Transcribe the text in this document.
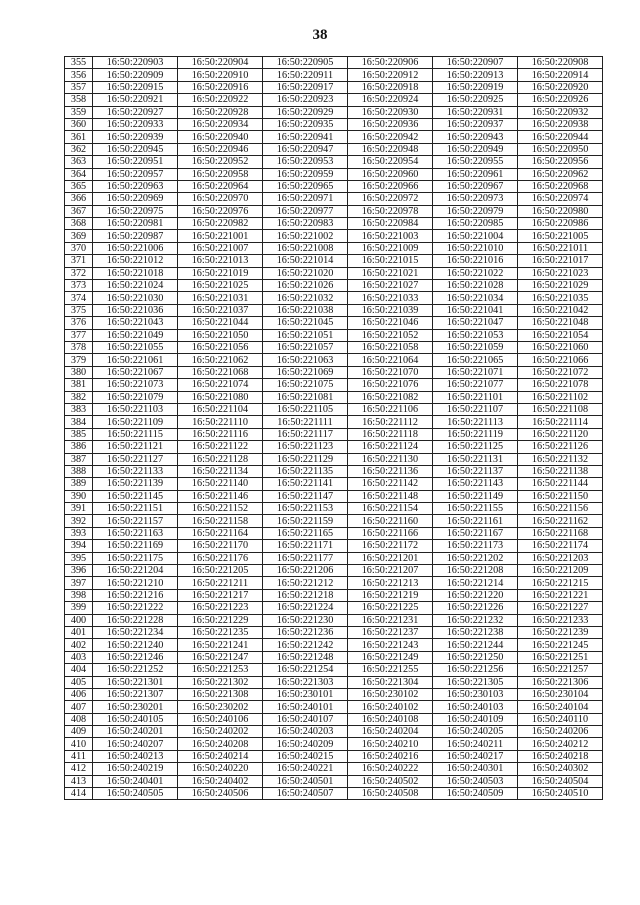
38
355	16:50:220903	16:50:220904	16:50:220905	16:50:220906	16:50:220907	16:50:220908
356	16:50:220909	16:50:220910	16:50:220911	16:50:220912	16:50:220913	16:50:220914
357	16:50:220915	16:50:220916	16:50:220917	16:50:220918	16:50:220919	16:50:220920
358	16:50:220921	16:50:220922	16:50:220923	16:50:220924	16:50:220925	16:50:220926
359	16:50:220927	16:50:220928	16:50:220929	16:50:220930	16:50:220931	16:50:220932
360	16:50:220933	16:50:220934	16:50:220935	16:50:220936	16:50:220937	16:50:220938
361	16:50:220939	16:50:220940	16:50:220941	16:50:220942	16:50:220943	16:50:220944
362	16:50:220945	16:50:220946	16:50:220947	16:50:220948	16:50:220949	16:50:220950
363	16:50:220951	16:50:220952	16:50:220953	16:50:220954	16:50:220955	16:50:220956
364	16:50:220957	16:50:220958	16:50:220959	16:50:220960	16:50:220961	16:50:220962
365	16:50:220963	16:50:220964	16:50:220965	16:50:220966	16:50:220967	16:50:220968
366	16:50:220969	16:50:220970	16:50:220971	16:50:220972	16:50:220973	16:50:220974
367	16:50:220975	16:50:220976	16:50:220977	16:50:220978	16:50:220979	16:50:220980
368	16:50:220981	16:50:220982	16:50:220983	16:50:220984	16:50:220985	16:50:220986
369	16:50:220987	16:50:221001	16:50:221002	16:50:221003	16:50:221004	16:50:221005
370	16:50:221006	16:50:221007	16:50:221008	16:50:221009	16:50:221010	16:50:221011
371	16:50:221012	16:50:221013	16:50:221014	16:50:221015	16:50:221016	16:50:221017
372	16:50:221018	16:50:221019	16:50:221020	16:50:221021	16:50:221022	16:50:221023
373	16:50:221024	16:50:221025	16:50:221026	16:50:221027	16:50:221028	16:50:221029
374	16:50:221030	16:50:221031	16:50:221032	16:50:221033	16:50:221034	16:50:221035
375	16:50:221036	16:50:221037	16:50:221038	16:50:221039	16:50:221041	16:50:221042
376	16:50:221043	16:50:221044	16:50:221045	16:50:221046	16:50:221047	16:50:221048
377	16:50:221049	16:50:221050	16:50:221051	16:50:221052	16:50:221053	16:50:221054
378	16:50:221055	16:50:221056	16:50:221057	16:50:221058	16:50:221059	16:50:221060
379	16:50:221061	16:50:221062	16:50:221063	16:50:221064	16:50:221065	16:50:221066
380	16:50:221067	16:50:221068	16:50:221069	16:50:221070	16:50:221071	16:50:221072
381	16:50:221073	16:50:221074	16:50:221075	16:50:221076	16:50:221077	16:50:221078
382	16:50:221079	16:50:221080	16:50:221081	16:50:221082	16:50:221101	16:50:221102
383	16:50:221103	16:50:221104	16:50:221105	16:50:221106	16:50:221107	16:50:221108
384	16:50:221109	16:50:221110	16:50:221111	16:50:221112	16:50:221113	16:50:221114
385	16:50:221115	16:50:221116	16:50:221117	16:50:221118	16:50:221119	16:50:221120
386	16:50:221121	16:50:221122	16:50:221123	16:50:221124	16:50:221125	16:50:221126
387	16:50:221127	16:50:221128	16:50:221129	16:50:221130	16:50:221131	16:50:221132
388	16:50:221133	16:50:221134	16:50:221135	16:50:221136	16:50:221137	16:50:221138
389	16:50:221139	16:50:221140	16:50:221141	16:50:221142	16:50:221143	16:50:221144
390	16:50:221145	16:50:221146	16:50:221147	16:50:221148	16:50:221149	16:50:221150
391	16:50:221151	16:50:221152	16:50:221153	16:50:221154	16:50:221155	16:50:221156
392	16:50:221157	16:50:221158	16:50:221159	16:50:221160	16:50:221161	16:50:221162
393	16:50:221163	16:50:221164	16:50:221165	16:50:221166	16:50:221167	16:50:221168
394	16:50:221169	16:50:221170	16:50:221171	16:50:221172	16:50:221173	16:50:221174
395	16:50:221175	16:50:221176	16:50:221177	16:50:221201	16:50:221202	16:50:221203
396	16:50:221204	16:50:221205	16:50:221206	16:50:221207	16:50:221208	16:50:221209
397	16:50:221210	16:50:221211	16:50:221212	16:50:221213	16:50:221214	16:50:221215
398	16:50:221216	16:50:221217	16:50:221218	16:50:221219	16:50:221220	16:50:221221
399	16:50:221222	16:50:221223	16:50:221224	16:50:221225	16:50:221226	16:50:221227
400	16:50:221228	16:50:221229	16:50:221230	16:50:221231	16:50:221232	16:50:221233
401	16:50:221234	16:50:221235	16:50:221236	16:50:221237	16:50:221238	16:50:221239
402	16:50:221240	16:50:221241	16:50:221242	16:50:221243	16:50:221244	16:50:221245
403	16:50:221246	16:50:221247	16:50:221248	16:50:221249	16:50:221250	16:50:221251
404	16:50:221252	16:50:221253	16:50:221254	16:50:221255	16:50:221256	16:50:221257
405	16:50:221301	16:50:221302	16:50:221303	16:50:221304	16:50:221305	16:50:221306
406	16:50:221307	16:50:221308	16:50:230101	16:50:230102	16:50:230103	16:50:230104
407	16:50:230201	16:50:230202	16:50:240101	16:50:240102	16:50:240103	16:50:240104
408	16:50:240105	16:50:240106	16:50:240107	16:50:240108	16:50:240109	16:50:240110
409	16:50:240201	16:50:240202	16:50:240203	16:50:240204	16:50:240205	16:50:240206
410	16:50:240207	16:50:240208	16:50:240209	16:50:240210	16:50:240211	16:50:240212
411	16:50:240213	16:50:240214	16:50:240215	16:50:240216	16:50:240217	16:50:240218
412	16:50:240219	16:50:240220	16:50:240221	16:50:240222	16:50:240301	16:50:240302
413	16:50:240401	16:50:240402	16:50:240501	16:50:240502	16:50:240503	16:50:240504
414	16:50:240505	16:50:240506	16:50:240507	16:50:240508	16:50:240509	16:50:240510
